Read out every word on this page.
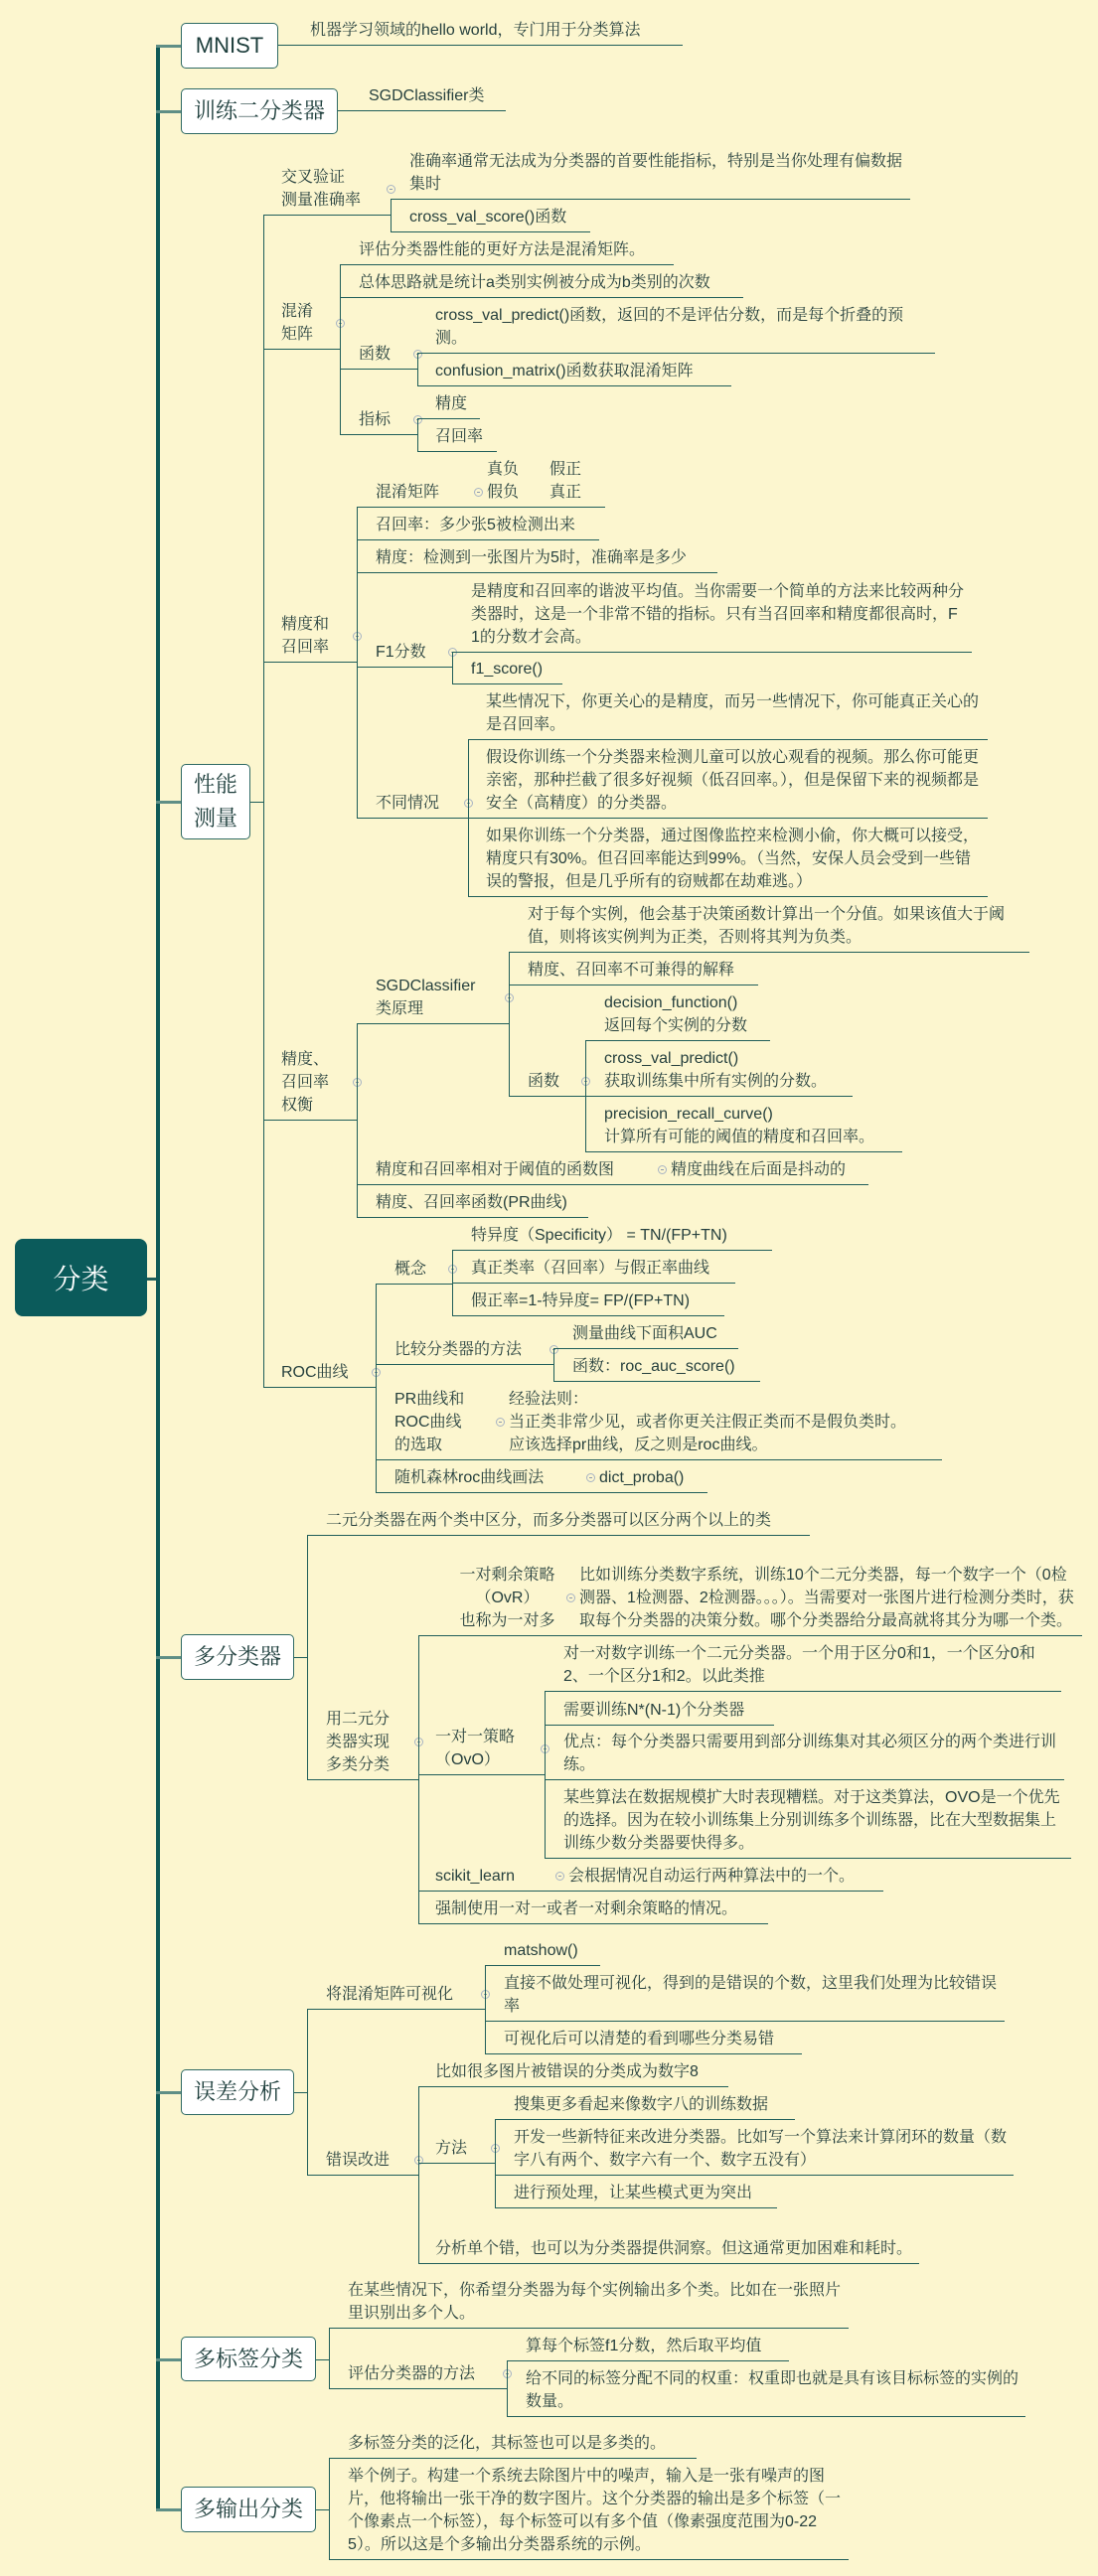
分类
MNIST
机器学习领域的hello world，专门用于分类算法
训练二分类器
SGDClassifier类
性能
测量
交叉验证
测量准确率
准确率通常无法成为分类器的首要性能指标，特别是当你处理有偏数据集时
cross_val_score()函数
混淆
矩阵
评估分类器性能的更好方法是混淆矩阵。
总体思路就是统计a类别实例被分成为b类别的次数
函数
cross_val_predict()函数，返回的不是评估分数，而是每个折叠的预测。
confusion_matrix()函数获取混淆矩阵
指标
精度
召回率
精度和
召回率
混淆矩阵
真负	假正
假负	真正
召回率：多少张5被检测出来
精度：检测到一张图片为5时，准确率是多少
F1分数
是精度和召回率的谐波平均值。当你需要一个简单的方法来比较两种分类器时，这是一个非常不错的指标。只有当召回率和精度都很高时，F1的分数才会高。
f1_score()
不同情况
某些情况下，你更关心的是精度，而另一些情况下，你可能真正关心的是召回率。
假设你训练一个分类器来检测儿童可以放心观看的视频。那么你可能更亲密，那种拦截了很多好视频（低召回率。），但是保留下来的视频都是安全（高精度）的分类器。
如果你训练一个分类器，通过图像监控来检测小偷，你大概可以接受，精度只有30%。但召回率能达到99%。（当然，安保人员会受到一些错误的警报，但是几乎所有的窃贼都在劫难逃。）
精度、
召回率
权衡
SGDClassifier
类原理
对于每个实例，他会基于决策函数计算出一个分值。如果该值大于阈值，则将该实例判为正类，否则将其判为负类。
精度、召回率不可兼得的解释
函数
decision_function()
返回每个实例的分数
cross_val_predict()
获取训练集中所有实例的分数。
precision_recall_curve()
计算所有可能的阈值的精度和召回率。
精度和召回率相对于阈值的函数图	精度曲线在后面是抖动的
精度、召回率函数(PR曲线)
ROC曲线
概念
特异度（Specificity） = TN/(FP+TN)
真正类率（召回率）与假正率曲线
假正率=1-特异度= FP/(FP+TN)
比较分类器的方法
测量曲线下面积AUC
函数：roc_auc_score()
PR曲线和
ROC曲线
的选取
经验法则：
当正类非常少见，或者你更关注假正类而不是假负类时。
应该选择pr曲线，反之则是roc曲线。
随机森林roc曲线画法	dict_proba()
多分类器
二元分类器在两个类中区分，而多分类器可以区分两个以上的类
用二元分
类器实现
多类分类
一对剩余策略
（OvR）
也称为一对多
比如训练分类数字系统，训练10个二元分类器，每一个数字一个（0检测器、1检测器、2检测器。。。）。当需要对一张图片进行检测分类时，获取每个分类器的决策分数。哪个分类器给分最高就将其分为哪一个类。
一对一策略
（OvO）
对一对数字训练一个二元分类器。一个用于区分0和1，一个区分0和2、一个区分1和2。以此类推
需要训练N*(N-1)个分类器
优点：每个分类器只需要用到部分训练集对其必须区分的两个类进行训练。
某些算法在数据规模扩大时表现糟糕。对于这类算法，OVO是一个优先的选择。因为在较小训练集上分别训练多个训练器，比在大型数据集上训练少数分类器要快得多。
scikit_learn	会根据情况自动运行两种算法中的一个。
强制使用一对一或者一对剩余策略的情况。
误差分析
将混淆矩阵可视化
matshow()
直接不做处理可视化，得到的是错误的个数，这里我们处理为比较错误率
可视化后可以清楚的看到哪些分类易错
错误改进
比如很多图片被错误的分类成为数字8
方法
搜集更多看起来像数字八的训练数据
开发一些新特征来改进分类器。比如写一个算法来计算闭环的数量（数字八有两个、数字六有一个、数字五没有）
进行预处理，让某些模式更为突出
分析单个错，也可以为分类器提供洞察。但这通常更加困难和耗时。
多标签分类
在某些情况下，你希望分类器为每个实例输出多个类。比如在一张照片里识别出多个人。
评估分类器的方法
算每个标签f1分数，然后取平均值
给不同的标签分配不同的权重：权重即也就是具有该目标标签的实例的数量。
多输出分类
多标签分类的泛化，其标签也可以是多类的。
举个例子。构建一个系统去除图片中的噪声，输入是一张有噪声的图片，他将输出一张干净的数字图片。这个分类器的输出是多个标签（一个像素点一个标签），每个标签可以有多个值（像素强度范围为0-225）。所以这是个多输出分类器系统的示例。
